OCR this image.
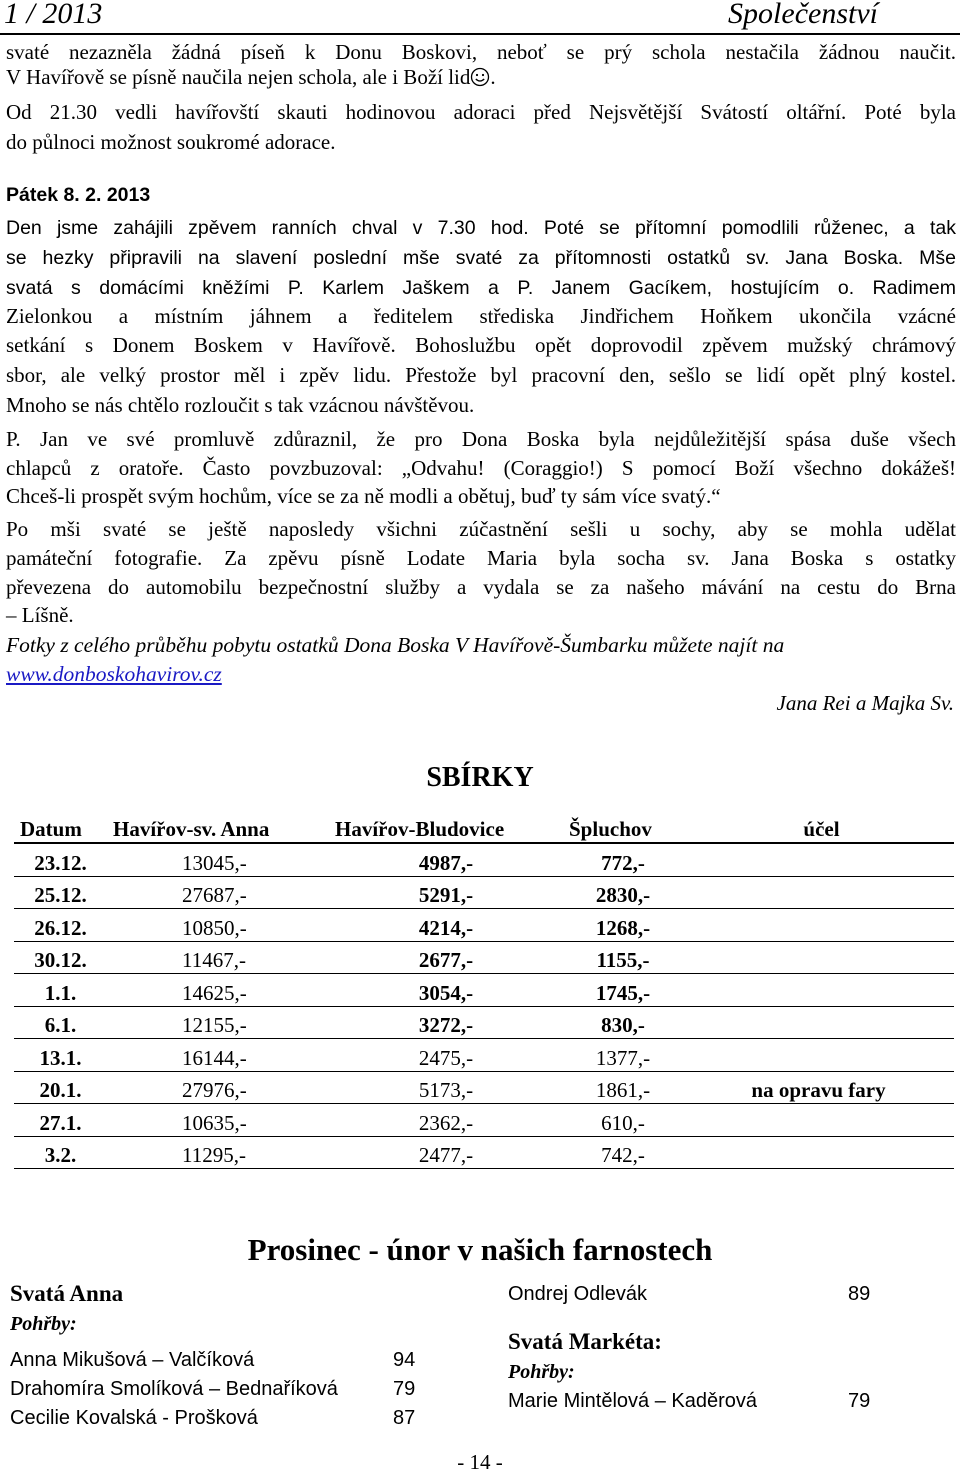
1 / 2013	Společenství
svaté nezazněla žádná píseň k Donu Boskovi, neboť se prý schola nestačila žádnou naučit.
V Havířově se písně naučila nejen schola, ale i Boží lid .
Od 21.30 vedli havířovští skauti hodinovou adoraci před Nejsvětější Svátostí oltářní. Poté byla
do půlnoci možnost soukromé adorace.
Pátek 8. 2. 2013
Den jsme zahájili zpěvem ranních chval v 7.30 hod. Poté se přítomní pomodlili růženec, a tak
se hezky připravili na slavení poslední mše svaté za přítomnosti ostatků sv. Jana Boska. Mše
svatá s domácími kněžími P. Karlem Jaškem a P. Janem Gacíkem, hostujícím o. Radimem
Zielonkou a místním jáhnem a ředitelem střediska Jindřichem Hoňkem ukončila vzácné
setkání s Donem Boskem v Havířově. Bohoslužbu opět doprovodil zpěvem mužský chrámový
sbor, ale velký prostor měl i zpěv lidu. Přestože byl pracovní den, sešlo se lidí opět plný kostel.
Mnoho se nás chtělo rozloučit s tak vzácnou návštěvou.
P. Jan ve své promluvě zdůraznil, že pro Dona Boska byla nejdůležitější spása duše všech
chlapců z oratoře. Často povzbuzoval: „Odvahu! (Coraggio!) S pomocí Boží všechno dokážeš!
Chceš-li prospět svým hochům, více se za ně modli a obětuj, buď ty sám více svatý.“
Po mši svaté se ještě naposledy všichni zúčastnění sešli u sochy, aby se mohla udělat
památeční fotografie. Za zpěvu písně Lodate Maria byla socha sv. Jana Boska s ostatky
převezena do automobilu bezpečnostní služby a vydala se za našeho mávání na cestu do Brna
– Líšně.
Fotky z celého průběhu pobytu ostatků Dona Boska V Havířově-Šumbarku můžete najít na
www.donboskohavirov.cz
Jana Rei a Majka Sv.
SBÍRKY
Datum	Havířov-sv. Anna	Havířov-Bludovice	Špluchov	účel
23.12.	13045,-	4987,-	772,-	
25.12.	27687,-	5291,-	2830,-	
26.12.	10850,-	4214,-	1268,-	
30.12.	11467,-	2677,-	1155,-	
1.1.	14625,-	3054,-	1745,-	
6.1.	12155,-	3272,-	830,-	
13.1.	16144,-	2475,-	1377,-	
20.1.	27976,-	5173,-	1861,-	na opravu fary
27.1.	10635,-	2362,-	610,-	
3.2.	11295,-	2477,-	742,-	
Prosinec - únor v našich farnostech
Svatá Anna
Pohřby:
Anna Mikušová – Valčíková	94
Drahomíra Smolíková – Bednaříková	79
Cecilie Kovalská - Prošková	87
Ondrej Odlevák	89
Svatá Markéta:
Pohřby:
Marie Mintělová – Kaděrová	79
- 14 -
